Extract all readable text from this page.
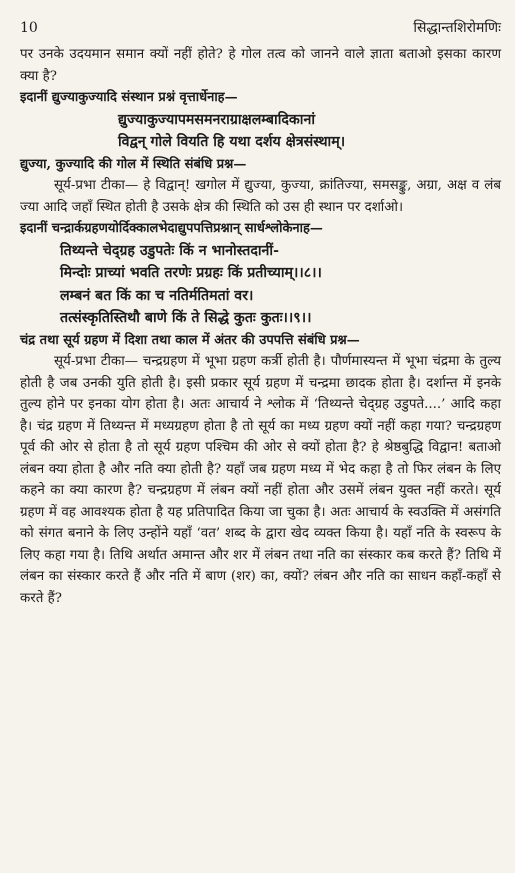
10	सिद्धान्तशिरोमणिः

पर उनके उदयमान समान क्यों नहीं होते? हे गोल तत्व को जानने वाले ज्ञाता बताओ इसका कारण क्या है?

इदानीं द्युज्याकुज्यादि संस्थान प्रश्नं वृत्तार्धेनाह—

द्युज्याकुज्यापमसमनराग्राक्षलम्बादिकानां

विद्वन् गोले वियति हि यथा दर्शय क्षेत्रसंस्थाम्।

द्युज्या, कुज्यादि की गोल में स्थिति संबंधि प्रश्न—

सूर्य-प्रभा टीका— हे विद्वान्! खगोल में द्युज्या, कुज्या, क्रांतिज्या, समसङ्कु, अग्रा, अक्ष व लंब ज्या आदि जहाँ स्थित होती है उसके क्षेत्र की स्थिति को उस ही स्थान पर दर्शाओ।

इदानीं चन्द्रार्कग्रहणयोर्दिक्कालभेदाद्युपपत्तिप्रश्नान् सार्धश्लोकेनाह—

तिथ्यन्ते चेद्ग्रह उडुपतेः किं न भानोस्तदानीं-

मिन्दोः प्राच्यां भवति तरणेः प्रग्रहः किं प्रतीच्याम्।।८।।

लम्बनं बत किं का च नतिर्मतिमतां वर।

तत्संस्कृतिस्तिथौ बाणे किं ते सिद्धे कुतः कुतः।।९।।

चंद्र तथा सूर्य ग्रहण में दिशा तथा काल में अंतर की उपपत्ति संबंधि प्रश्न—

सूर्य-प्रभा टीका— चन्द्रग्रहण में भूभा ग्रहण कर्त्री होती है। पौर्णमास्यन्त में भूभा चंद्रमा के तुल्य होती है जब उनकी युति होती है। इसी प्रकार सूर्य ग्रहण में चन्द्रमा छादक होता है। दर्शान्त में इनके तुल्य होने पर इनका योग होता है। अतः आचार्य ने श्लोक में ‘तिथ्यन्ते चेद्ग्रह उडुपते....’ आदि कहा है। चंद्र ग्रहण में तिथ्यन्त में मध्यग्रहण होता है तो सूर्य का मध्य ग्रहण क्यों नहीं कहा गया? चन्द्रग्रहण पूर्व की ओर से होता है तो सूर्य ग्रहण पश्चिम की ओर से क्यों होता है? हे श्रेष्ठबुद्धि विद्वान! बताओ लंबन क्या होता है और नति क्या होती है? यहाँ जब ग्रहण मध्य में भेद कहा है तो फिर लंबन के लिए कहने का क्या कारण है? चन्द्रग्रहण में लंबन क्यों नहीं होता और उसमें लंबन युक्त नहीं करते। सूर्य ग्रहण में वह आवश्यक होता है यह प्रतिपादित किया जा चुका है। अतः आचार्य के स्वउक्ति में असंगति को संगत बनाने के लिए उन्होंने यहाँ ‘वत’ शब्द के द्वारा खेद व्यक्त किया है। यहाँ नति के स्वरूप के लिए कहा गया है। तिथि अर्थात अमान्त और शर में लंबन तथा नति का संस्कार कब करते हैं? तिथि में लंबन का संस्कार करते हैं और नति में बाण (शर) का, क्यों? लंबन और नति का साधन कहाँ-कहाँ से करते हैं?
